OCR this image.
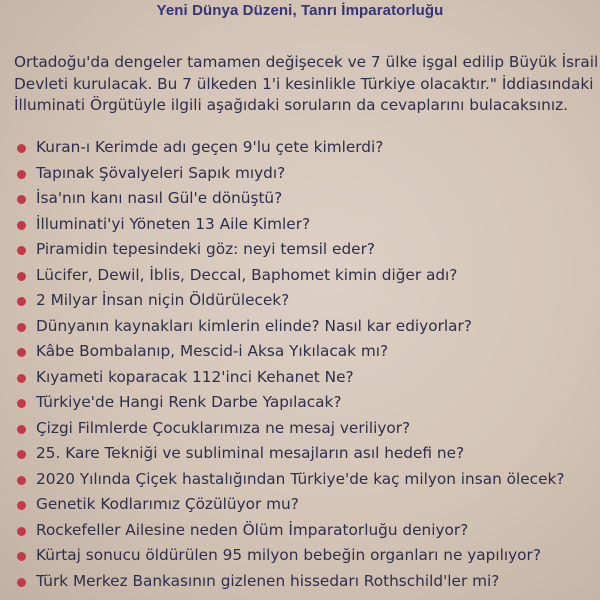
Yeni Dünya Düzeni, Tanrı İmparatorluğu
Ortadoğu'da dengeler tamamen değişecek ve 7 ülke işgal edilip Büyük İsrail
Devleti kurulacak. Bu 7 ülkeden 1'i kesinlikle Türkiye olacaktır." İddiasındaki
İlluminati Örgütüyle ilgili aşağıdaki soruların da cevaplarını bulacaksınız.
Kuran-ı Kerimde adı geçen 9'lu çete kimlerdi?
Tapınak Şövalyeleri Sapık mıydı?
İsa'nın kanı nasıl Gül'e dönüştü?
İlluminati'yi Yöneten 13 Aile Kimler?
Piramidin tepesindeki göz: neyi temsil eder?
Lücifer, Dewil, İblis, Deccal, Baphomet kimin diğer adı?
2 Milyar İnsan niçin Öldürülecek?
Dünyanın kaynakları kimlerin elinde? Nasıl kar ediyorlar?
Kâbe Bombalanıp, Mescid-i Aksa Yıkılacak mı?
Kıyameti koparacak 112'inci Kehanet Ne?
Türkiye'de Hangi Renk Darbe Yapılacak?
Çizgi Filmlerde Çocuklarımıza ne mesaj veriliyor?
25. Kare Tekniği ve subliminal mesajların asıl hedefi ne?
2020 Yılında Çiçek hastalığından Türkiye'de kaç milyon insan ölecek?
Genetik Kodlarımız Çözülüyor mu?
Rockefeller Ailesine neden Ölüm İmparatorluğu deniyor?
Kürtaj sonucu öldürülen 95 milyon bebeğin organları ne yapılıyor?
Türk Merkez Bankasının gizlenen hissedarı Rothschild'ler mi?
